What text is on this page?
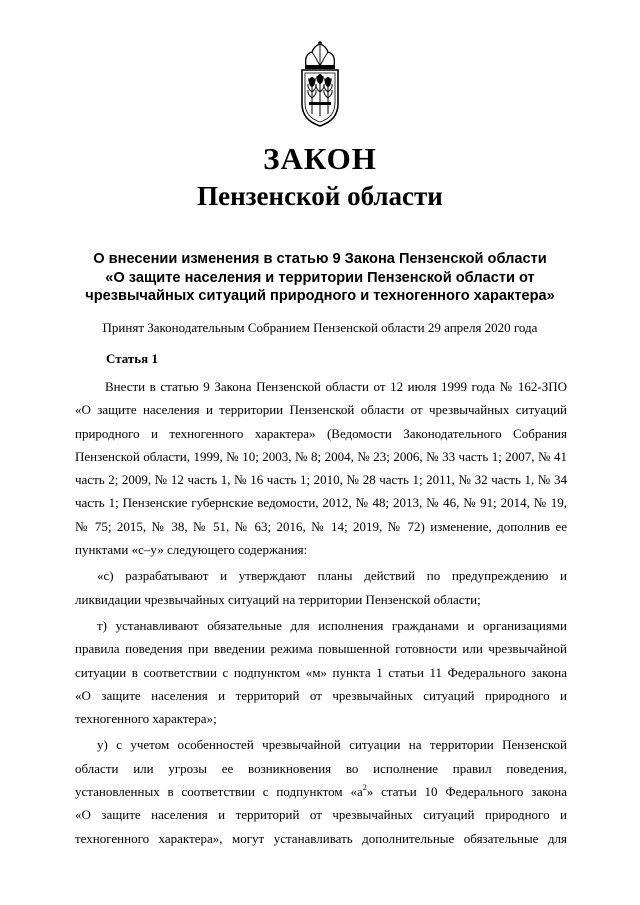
ЗАКОН
Пензенской области
О внесении изменения в статью 9 Закона Пензенской области
«О защите населения и территории Пензенской области от
чрезвычайных ситуаций природного и техногенного характера»
Принят Законодательным Собранием Пензенской области 29 апреля 2020 года
Статья 1
Внести в статью 9 Закона Пензенской области от 12 июля 1999 года № 162-ЗПО
«О защите населения и территории Пензенской области от чрезвычайных ситуаций
природного и техногенного характера» (Ведомости Законодательного Собрания
Пензенской области, 1999, № 10; 2003, № 8; 2004, № 23; 2006, № 33 часть 1; 2007, № 41
часть 2; 2009, № 12 часть 1, № 16 часть 1; 2010, № 28 часть 1; 2011, № 32 часть 1, № 34
часть 1; Пензенские губернские ведомости, 2012, № 48; 2013, № 46, № 91; 2014, № 19,
№ 75; 2015, № 38, № 51, № 63; 2016, № 14; 2019, № 72) изменение, дополнив ее
пунктами «с–у» следующего содержания:
«с) разрабатывают и утверждают планы действий по предупреждению и
ликвидации чрезвычайных ситуаций на территории Пензенской области;
т) устанавливают обязательные для исполнения гражданами и организациями
правила поведения при введении режима повышенной готовности или чрезвычайной
ситуации в соответствии с подпунктом «м» пункта 1 статьи 11 Федерального закона
«О защите населения и территорий от чрезвычайных ситуаций природного и
техногенного характера»;
у) с учетом особенностей чрезвычайной ситуации на территории Пензенской
области или угрозы ее возникновения во исполнение правил поведения,
установленных в соответствии с подпунктом «$а^2$» статьи 10 Федерального закона
«О защите населения и территорий от чрезвычайных ситуаций природного и
техногенного характера», могут устанавливать дополнительные обязательные для
